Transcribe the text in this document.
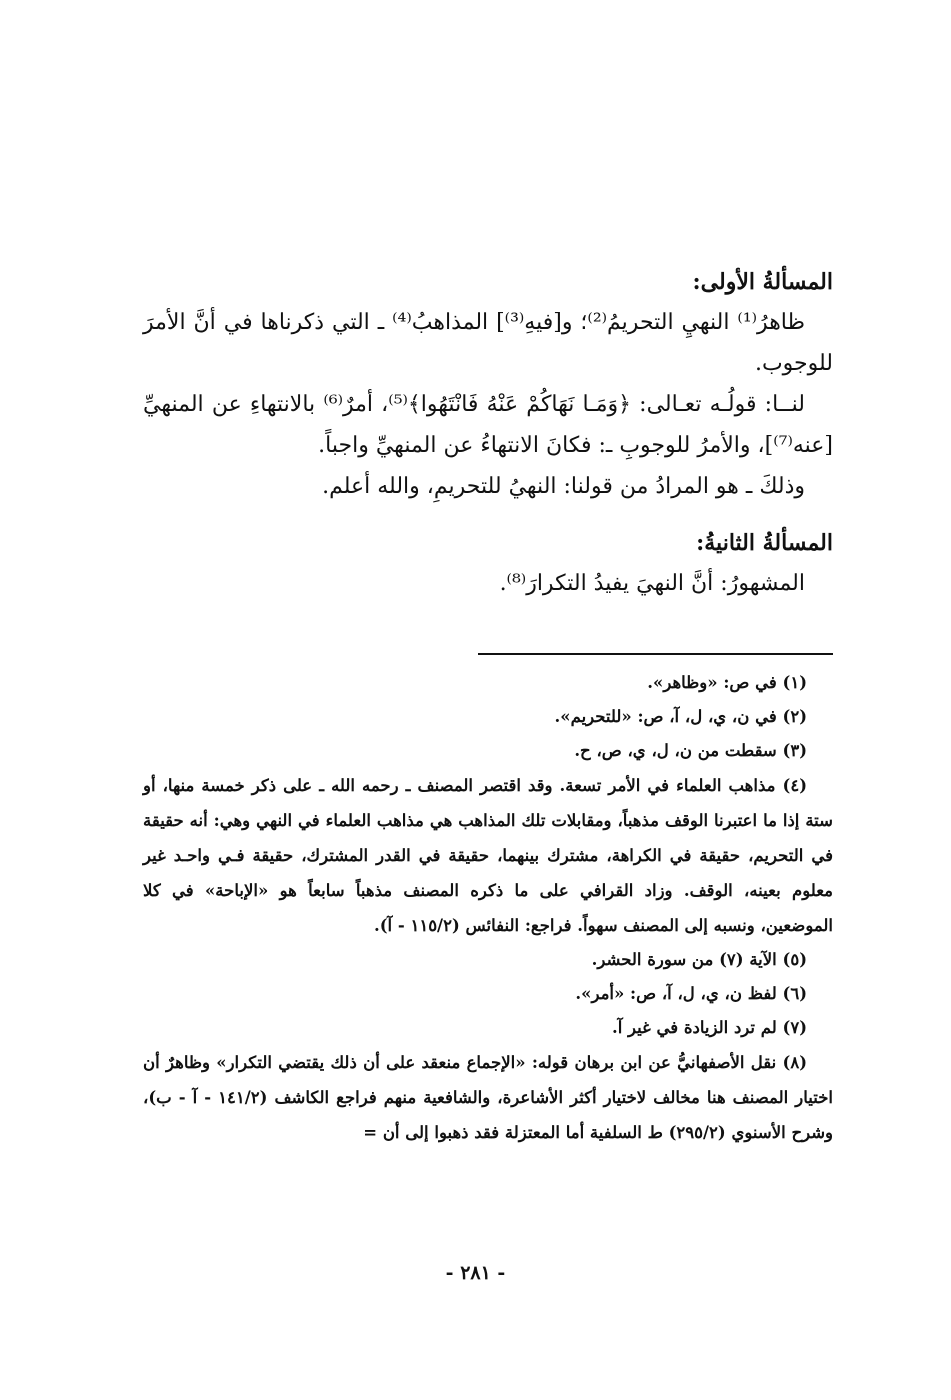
المسألةُ الأولى:

ظاهرُ⁽¹⁾ النهيِ التحريمُ⁽²⁾؛ و[فيهِ⁽³⁾] المذاهبُ⁽⁴⁾ ـ التي ذكرناها في أنَّ الأمرَ للوجوب.

لنــا: قولُـه تعـالى: ﴿وَمَـا نَهَاكُمْ عَنْهُ فَانْتَهُوا﴾⁽⁵⁾، أمرٌ⁽⁶⁾ بالانتهاءِ عن المنهيِّ [عنه⁽⁷⁾]، والأمرُ للوجوبِ ـ: فكانَ الانتهاءُ عن المنهيِّ واجباً.

وذلكَ ـ هو المرادُ من قولنا: النهيُ للتحريمِ، والله أعلم.

المسألةُ الثانيةُ:

المشهورُ: أنَّ النهيَ يفيدُ التكرارَ⁽⁸⁾.

(١) في ص: «وظاهر».

(٢) في ن، ي، ل، آ، ص: «للتحريم».

(٣) سقطت من ن، ل، ي، ص، ح.

(٤) مذاهب العلماء في الأمر تسعة. وقد اقتصر المصنف ـ رحمه الله ـ على ذكر خمسة منها، أو ستة إذا ما اعتبرنا الوقف مذهباً، ومقابلات تلك المذاهب هي مذاهب العلماء في النهي وهي: أنه حقيقة في التحريم، حقيقة في الكراهة، مشترك بينهما، حقيقة في القدر المشترك، حقيقة فـي واحـد غير معلوم بعينه، الوقف. وزاد القرافي على ما ذكره المصنف مذهباً سابعاً هو «الإباحة» في كلا الموضعين، ونسبه إلى المصنف سهواً. فراجع: النفائس (١١٥/٢ - آ).

(٥) الآية (٧) من سورة الحشر.

(٦) لفظ ن، ي، ل، آ، ص: «أمر».

(٧) لم ترد الزيادة في غير آ.

(٨) نقل الأصفهانيُّ عن ابن برهان قوله: «الإجماع منعقد على أن ذلك يقتضي التكرار» وظاهرٌ أن اختيار المصنف هنا مخالف لاختيار أكثر الأشاعرة، والشافعية منهم فراجع الكاشف (١٤١/٢ - آ - ب)، وشرح الأسنوي (٢٩٥/٢) ط السلفية أما المعتزلة فقد ذهبوا إلى أن =

- ٢٨١ -
